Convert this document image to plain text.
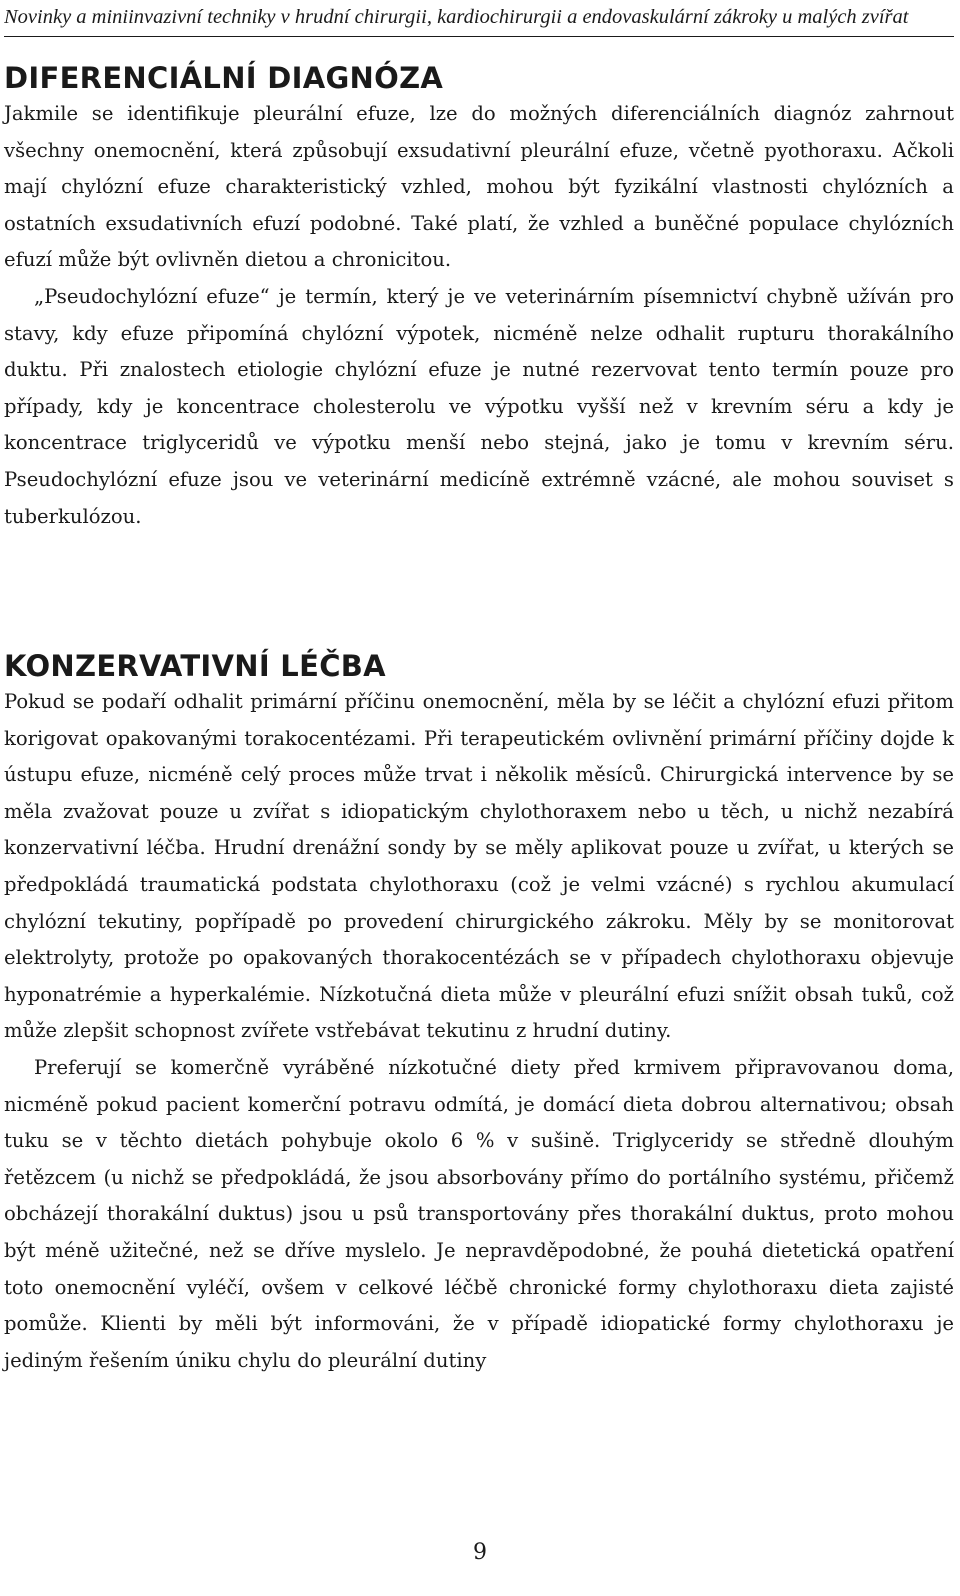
Novinky a miniinvazivní techniky v hrudní chirurgii, kardiochirurgii a endovaskulární zákroky u malých zvířat
DIFERENCIÁLNÍ DIAGNÓZA

Jakmile se identifikuje pleurální efuze, lze do možných diferenciálních diagnóz zahrnout všechny onemocnění, která způsobují exsudativní pleurální efuze, včetně pyothoraxu. Ačkoli mají chylózní efuze charakteristický vzhled, mohou být fyzikální vlastnosti chylózních a ostatních exsudativních efuzí podobné. Také platí, že vzhled a buněčné populace chylózních efuzí může být ovlivněn dietou a chronicitou.

„Pseudochylózní efuze“ je termín, který je ve veterinárním písemnictví chybně užíván pro stavy, kdy efuze připomíná chylózní výpotek, nicméně nelze odhalit rupturu thorakálního duktu. Při znalostech etiologie chylózní efuze je nutné rezervovat tento termín pouze pro případy, kdy je koncentrace cholesterolu ve výpotku vyšší než v krevním séru a kdy je koncentrace triglyceridů ve výpotku menší nebo stejná, jako je tomu v krevním séru. Pseudochylózní efuze jsou ve veterinární medicíně extrémně vzácné, ale mohou souviset s tuberkulózou.

KONZERVATIVNÍ LÉČBA

Pokud se podaří odhalit primární příčinu onemocnění, měla by se léčit a chylózní efuzi přitom korigovat opakovanými torakocentézami. Při terapeutickém ovlivnění primární příčiny dojde k ústupu efuze, nicméně celý proces může trvat i několik měsíců. Chirurgická intervence by se měla zvažovat pouze u zvířat s idiopatickým chylothoraxem nebo u těch, u nichž nezabírá konzervativní léčba. Hrudní drenážní sondy by se měly aplikovat pouze u zvířat, u kterých se předpokládá traumatická podstata chylothoraxu (což je velmi vzácné) s rychlou akumulací chylózní tekutiny, popřípadě po provedení chirurgického zákroku. Měly by se monitorovat elektrolyty, protože po opakovaných thorakocentézách se v případech chylothoraxu objevuje hyponatrémie a hyperkalémie. Nízkotučná dieta může v pleurální efuzi snížit obsah tuků, což může zlepšit schopnost zvířete vstřebávat tekutinu z hrudní dutiny.

Preferují se komerčně vyráběné nízkotučné diety před krmivem připravovanou doma, nicméně pokud pacient komerční potravu odmítá, je domácí dieta dobrou alternativou; obsah tuku se v těchto dietách pohybuje okolo 6 % v sušině. Triglyceridy se středně dlouhým řetězcem (u nichž se předpokládá, že jsou absorbovány přímo do portálního systému, přičemž obcházejí thorakální duktus) jsou u psů transportovány přes thorakální duktus, proto mohou být méně užitečné, než se dříve myslelo. Je nepravděpodobné, že pouhá dietetická opatření toto onemocnění vyléčí, ovšem v celkové léčbě chronické formy chylothoraxu dieta zajisté pomůže. Klienti by měli být informováni, že v případě idiopatické formy chylothoraxu je jediným řešením úniku chylu do pleurální dutiny

9
